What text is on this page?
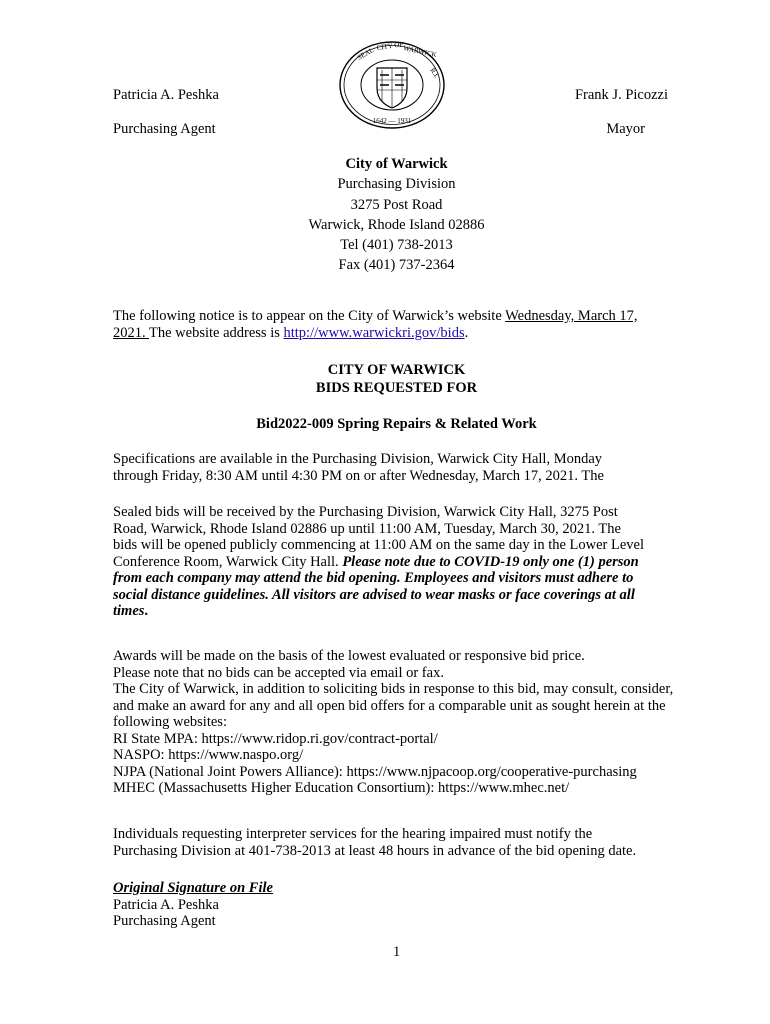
SEAL CITY OF
WARWICK
R.I.
1642 — 1931
Patricia A. Peshka
Purchasing Agent
Frank J. Picozzi
Mayor
City of Warwick
Purchasing Division
3275 Post Road
Warwick, Rhode Island 02886
Tel (401) 738-2013
Fax (401) 737-2364
The following notice is to appear on the City of Warwick’s website Wednesday, March 17,
2021. The website address is http://www.warwickri.gov/bids.
CITY OF WARWICK
BIDS REQUESTED FOR
Bid2022-009 Spring Repairs & Related Work
Specifications are available in the Purchasing Division, Warwick City Hall, Monday
through Friday, 8:30 AM until 4:30 PM on or after Wednesday, March 17, 2021. The
Sealed bids will be received by the Purchasing Division, Warwick City Hall, 3275 Post
Road, Warwick, Rhode Island 02886 up until 11:00 AM, Tuesday, March 30, 2021. The
bids will be opened publicly commencing at 11:00 AM on the same day in the Lower Level
Conference Room, Warwick City Hall. Please note due to COVID-19 only one (1) person
from each company may attend the bid opening. Employees and visitors must adhere to
social distance guidelines. All visitors are advised to wear masks or face coverings at all
times.
Awards will be made on the basis of the lowest evaluated or responsive bid price.
Please note that no bids can be accepted via email or fax.
The City of Warwick, in addition to soliciting bids in response to this bid, may consult, consider,
and make an award for any and all open bid offers for a comparable unit as sought herein at the
following websites:
RI State MPA: https://www.ridop.ri.gov/contract-portal/
NASPO: https://www.naspo.org/
NJPA (National Joint Powers Alliance): https://www.njpacoop.org/cooperative-purchasing
MHEC (Massachusetts Higher Education Consortium): https://www.mhec.net/
Individuals requesting interpreter services for the hearing impaired must notify the
Purchasing Division at 401-738-2013 at least 48 hours in advance of the bid opening date.
Original Signature on File
Patricia A. Peshka
Purchasing Agent
1
